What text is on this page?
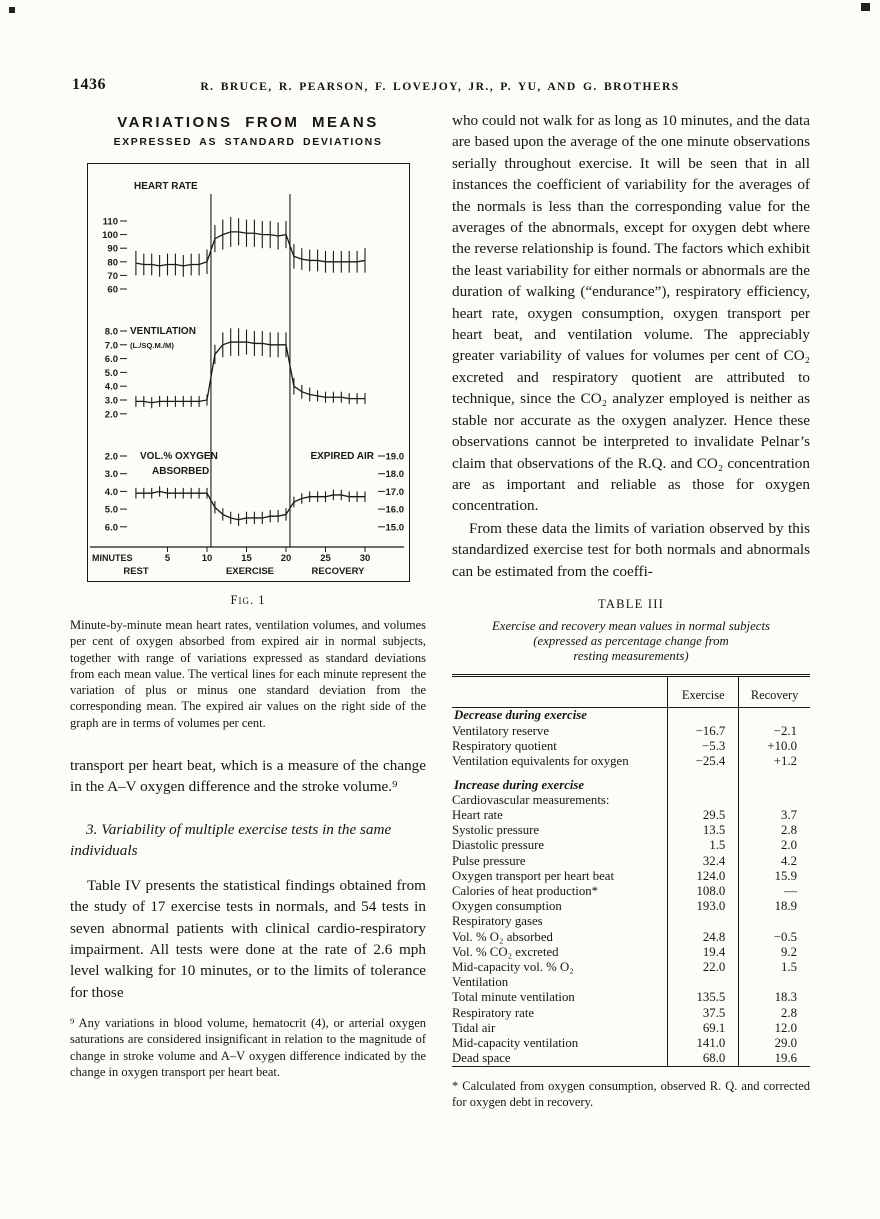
1436	R. BRUCE, R. PEARSON, F. LOVEJOY, JR., P. YU, AND G. BROTHERS
VARIATIONS FROM MEANS
EXPRESSED AS STANDARD DEVIATIONS
110
100
90
80
70
60
HEART RATE
8.0
7.0
6.0
5.0
4.0
3.0
2.0
VENTILATION
(L./SQ.M./M)
2.0	19.0
3.0	18.0
4.0	17.0
5.0	16.0
6.0	15.0
VOL.% OXYGEN
ABSORBED
EXPIRED AIR
MINUTES	5	10	15	20	25	30
REST	EXERCISE	RECOVERY
Fig. 1
Minute-by-minute mean heart rates, ventilation volumes, and volumes per cent of oxygen absorbed from expired air in normal subjects, together with range of variations expressed as standard deviations from each mean value. The vertical lines for each minute represent the variation of plus or minus one standard deviation from the corresponding mean. The expired air values on the right side of the graph are in terms of volumes per cent.
transport per heart beat, which is a measure of the change in the A–V oxygen difference and the stroke volume.⁹
3. Variability of multiple exercise tests in the same individuals
Table IV presents the statistical findings obtained from the study of 17 exercise tests in normals, and 54 tests in seven abnormal patients with clinical cardio-respiratory impairment. All tests were done at the rate of 2.6 mph level walking for 10 minutes, or to the limits of tolerance for those
⁹ Any variations in blood volume, hematocrit (4), or arterial oxygen saturations are considered insignificant in relation to the magnitude of change in stroke volume and A–V oxygen difference indicated by the change in oxygen transport per heart beat.
who could not walk for as long as 10 minutes, and the data are based upon the average of the one minute observations serially throughout exercise. It will be seen that in all instances the coefficient of variability for the averages of the normals is less than the corresponding value for the averages of the abnormals, except for oxygen debt where the reverse relationship is found. The factors which exhibit the least variability for either normals or abnormals are the duration of walking (“endurance”), respiratory efficiency, heart rate, oxygen consumption, oxygen transport per heart beat, and ventilation volume. The appreciably greater variability of values for volumes per cent of CO₂ excreted and respiratory quotient are attributed to technique, since the CO₂ analyzer employed is neither as stable nor accurate as the oxygen analyzer. Hence these observations cannot be interpreted to invalidate Pelnar’s claim that observations of the R.Q. and CO₂ concentration are as important and reliable as those for oxygen concentration.
From these data the limits of variation observed by this standardized exercise test for both normals and abnormals can be estimated from the coeffi-
TABLE III
Exercise and recovery mean values in normal subjects
(expressed as percentage change from
resting measurements)
	Exercise	Recovery
Decrease during exercise		
Ventilatory reserve	−16.7	−2.1
Respiratory quotient	−5.3	+10.0
Ventilation equivalents for oxygen	−25.4	+1.2
Increase during exercise		
Cardiovascular measurements:		
Heart rate	29.5	3.7
Systolic pressure	13.5	2.8
Diastolic pressure	1.5	2.0
Pulse pressure	32.4	4.2
Oxygen transport per heart beat	124.0	15.9
Calories of heat production*	108.0	—
Oxygen consumption	193.0	18.9
Respiratory gases		
Vol. % O₂ absorbed	24.8	−0.5
Vol. % CO₂ excreted	19.4	9.2
Mid-capacity vol. % O₂	22.0	1.5
Ventilation		
Total minute ventilation	135.5	18.3
Respiratory rate	37.5	2.8
Tidal air	69.1	12.0
Mid-capacity ventilation	141.0	29.0
Dead space	68.0	19.6
* Calculated from oxygen consumption, observed R. Q. and corrected for oxygen debt in recovery.
